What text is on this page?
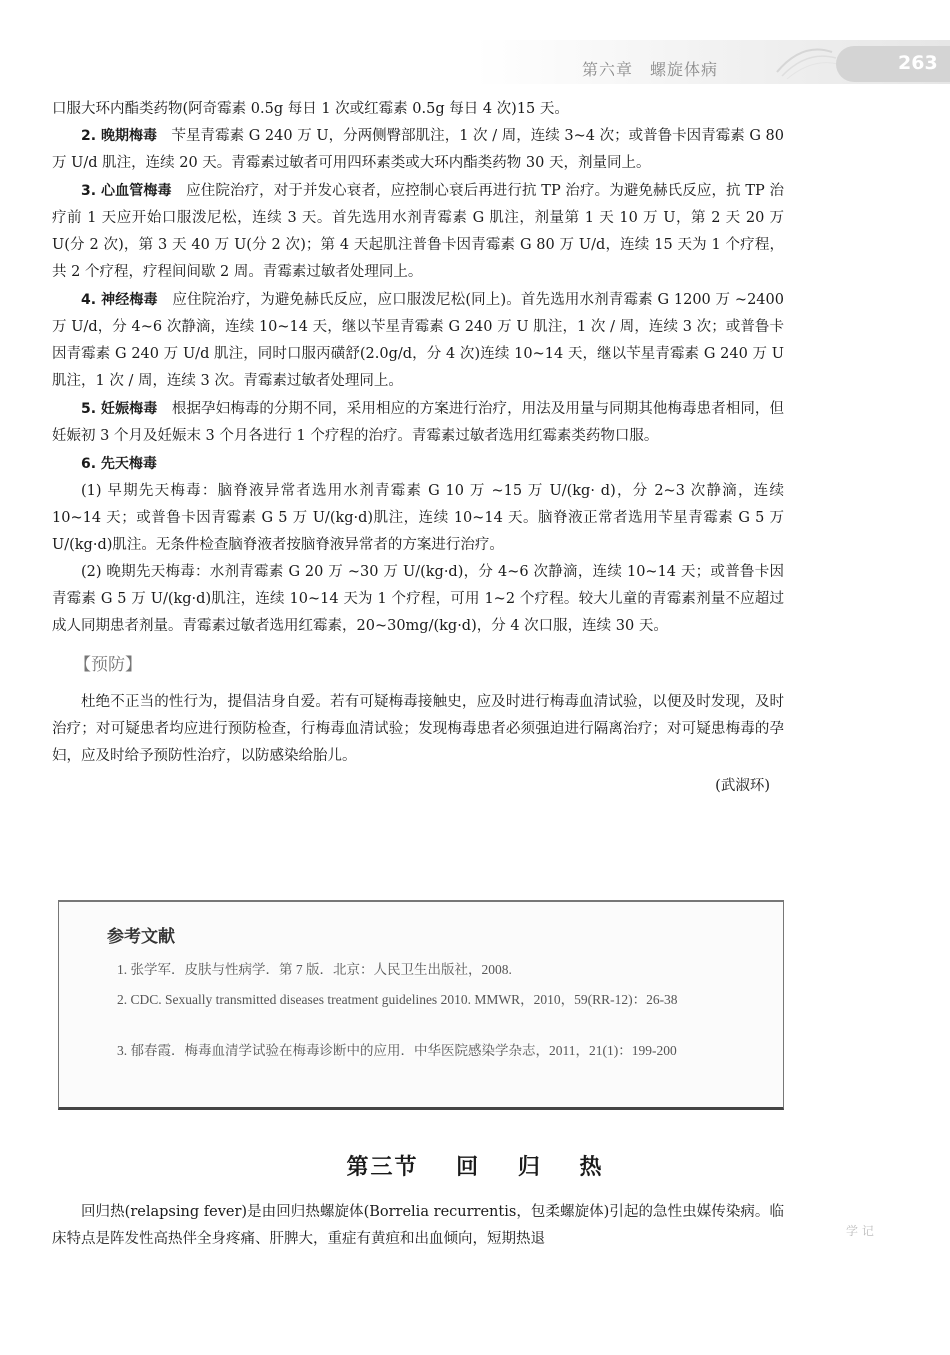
第六章　螺旋体病	263

口服大环内酯类药物(阿奇霉素 0.5g 每日 1 次或红霉素 0.5g 每日 4 次)15 天。

2. 晚期梅毒　苄星青霉素 G 240 万 U，分两侧臀部肌注，1 次 / 周，连续 3~4 次；或普鲁卡因青霉素 G 80 万 U/d 肌注，连续 20 天。青霉素过敏者可用四环素类或大环内酯类药物 30 天，剂量同上。

3. 心血管梅毒　应住院治疗，对于并发心衰者，应控制心衰后再进行抗 TP 治疗。为避免赫氏反应，抗 TP 治疗前 1 天应开始口服泼尼松，连续 3 天。首先选用水剂青霉素 G 肌注，剂量第 1 天 10 万 U，第 2 天 20 万 U(分 2 次)，第 3 天 40 万 U(分 2 次)；第 4 天起肌注普鲁卡因青霉素 G 80 万 U/d，连续 15 天为 1 个疗程，共 2 个疗程，疗程间间歇 2 周。青霉素过敏者处理同上。

4. 神经梅毒　应住院治疗，为避免赫氏反应，应口服泼尼松(同上)。首先选用水剂青霉素 G 1200 万 ~2400 万 U/d，分 4~6 次静滴，连续 10~14 天，继以苄星青霉素 G 240 万 U 肌注，1 次 / 周，连续 3 次；或普鲁卡因青霉素 G 240 万 U/d 肌注，同时口服丙磺舒(2.0g/d，分 4 次)连续 10~14 天，继以苄星青霉素 G 240 万 U 肌注，1 次 / 周，连续 3 次。青霉素过敏者处理同上。

5. 妊娠梅毒　根据孕妇梅毒的分期不同，采用相应的方案进行治疗，用法及用量与同期其他梅毒患者相同，但妊娠初 3 个月及妊娠末 3 个月各进行 1 个疗程的治疗。青霉素过敏者选用红霉素类药物口服。

6. 先天梅毒

(1) 早期先天梅毒：脑脊液异常者选用水剂青霉素 G 10 万 ~15 万 U/(kg· d)，分 2~3 次静滴，连续 10~14 天；或普鲁卡因青霉素 G 5 万 U/(kg·d)肌注，连续 10~14 天。脑脊液正常者选用苄星青霉素 G 5 万 U/(kg·d)肌注。无条件检查脑脊液者按脑脊液异常者的方案进行治疗。

(2) 晚期先天梅毒：水剂青霉素 G 20 万 ~30 万 U/(kg·d)，分 4~6 次静滴，连续 10~14 天；或普鲁卡因青霉素 G 5 万 U/(kg·d)肌注，连续 10~14 天为 1 个疗程，可用 1~2 个疗程。较大儿童的青霉素剂量不应超过成人同期患者剂量。青霉素过敏者选用红霉素，20~30mg/(kg·d)，分 4 次口服，连续 30 天。

【预防】

杜绝不正当的性行为，提倡洁身自爱。若有可疑梅毒接触史，应及时进行梅毒血清试验，以便及时发现，及时治疗；对可疑患者均应进行预防检查，行梅毒血清试验；发现梅毒患者必须强迫进行隔离治疗；对可疑患梅毒的孕妇，应及时给予预防性治疗，以防感染给胎儿。

(武淑环)

参考文献
1. 张学军．皮肤与性病学．第 7 版．北京：人民卫生出版社，2008.
2. CDC. Sexually transmitted diseases treatment guidelines 2010. MMWR，2010，59(RR-12)：26-38
3. 郁春霞．梅毒血清学试验在梅毒诊断中的应用．中华医院感染学杂志，2011，21(1)：199-200
第三节 回 归 热

回归热(relapsing fever)是由回归热螺旋体(Borrelia recurrentis，包柔螺旋体)引起的急性虫媒传染病。临床特点是阵发性高热伴全身疼痛、肝脾大，重症有黄疸和出血倾向，短期热退	学 记
